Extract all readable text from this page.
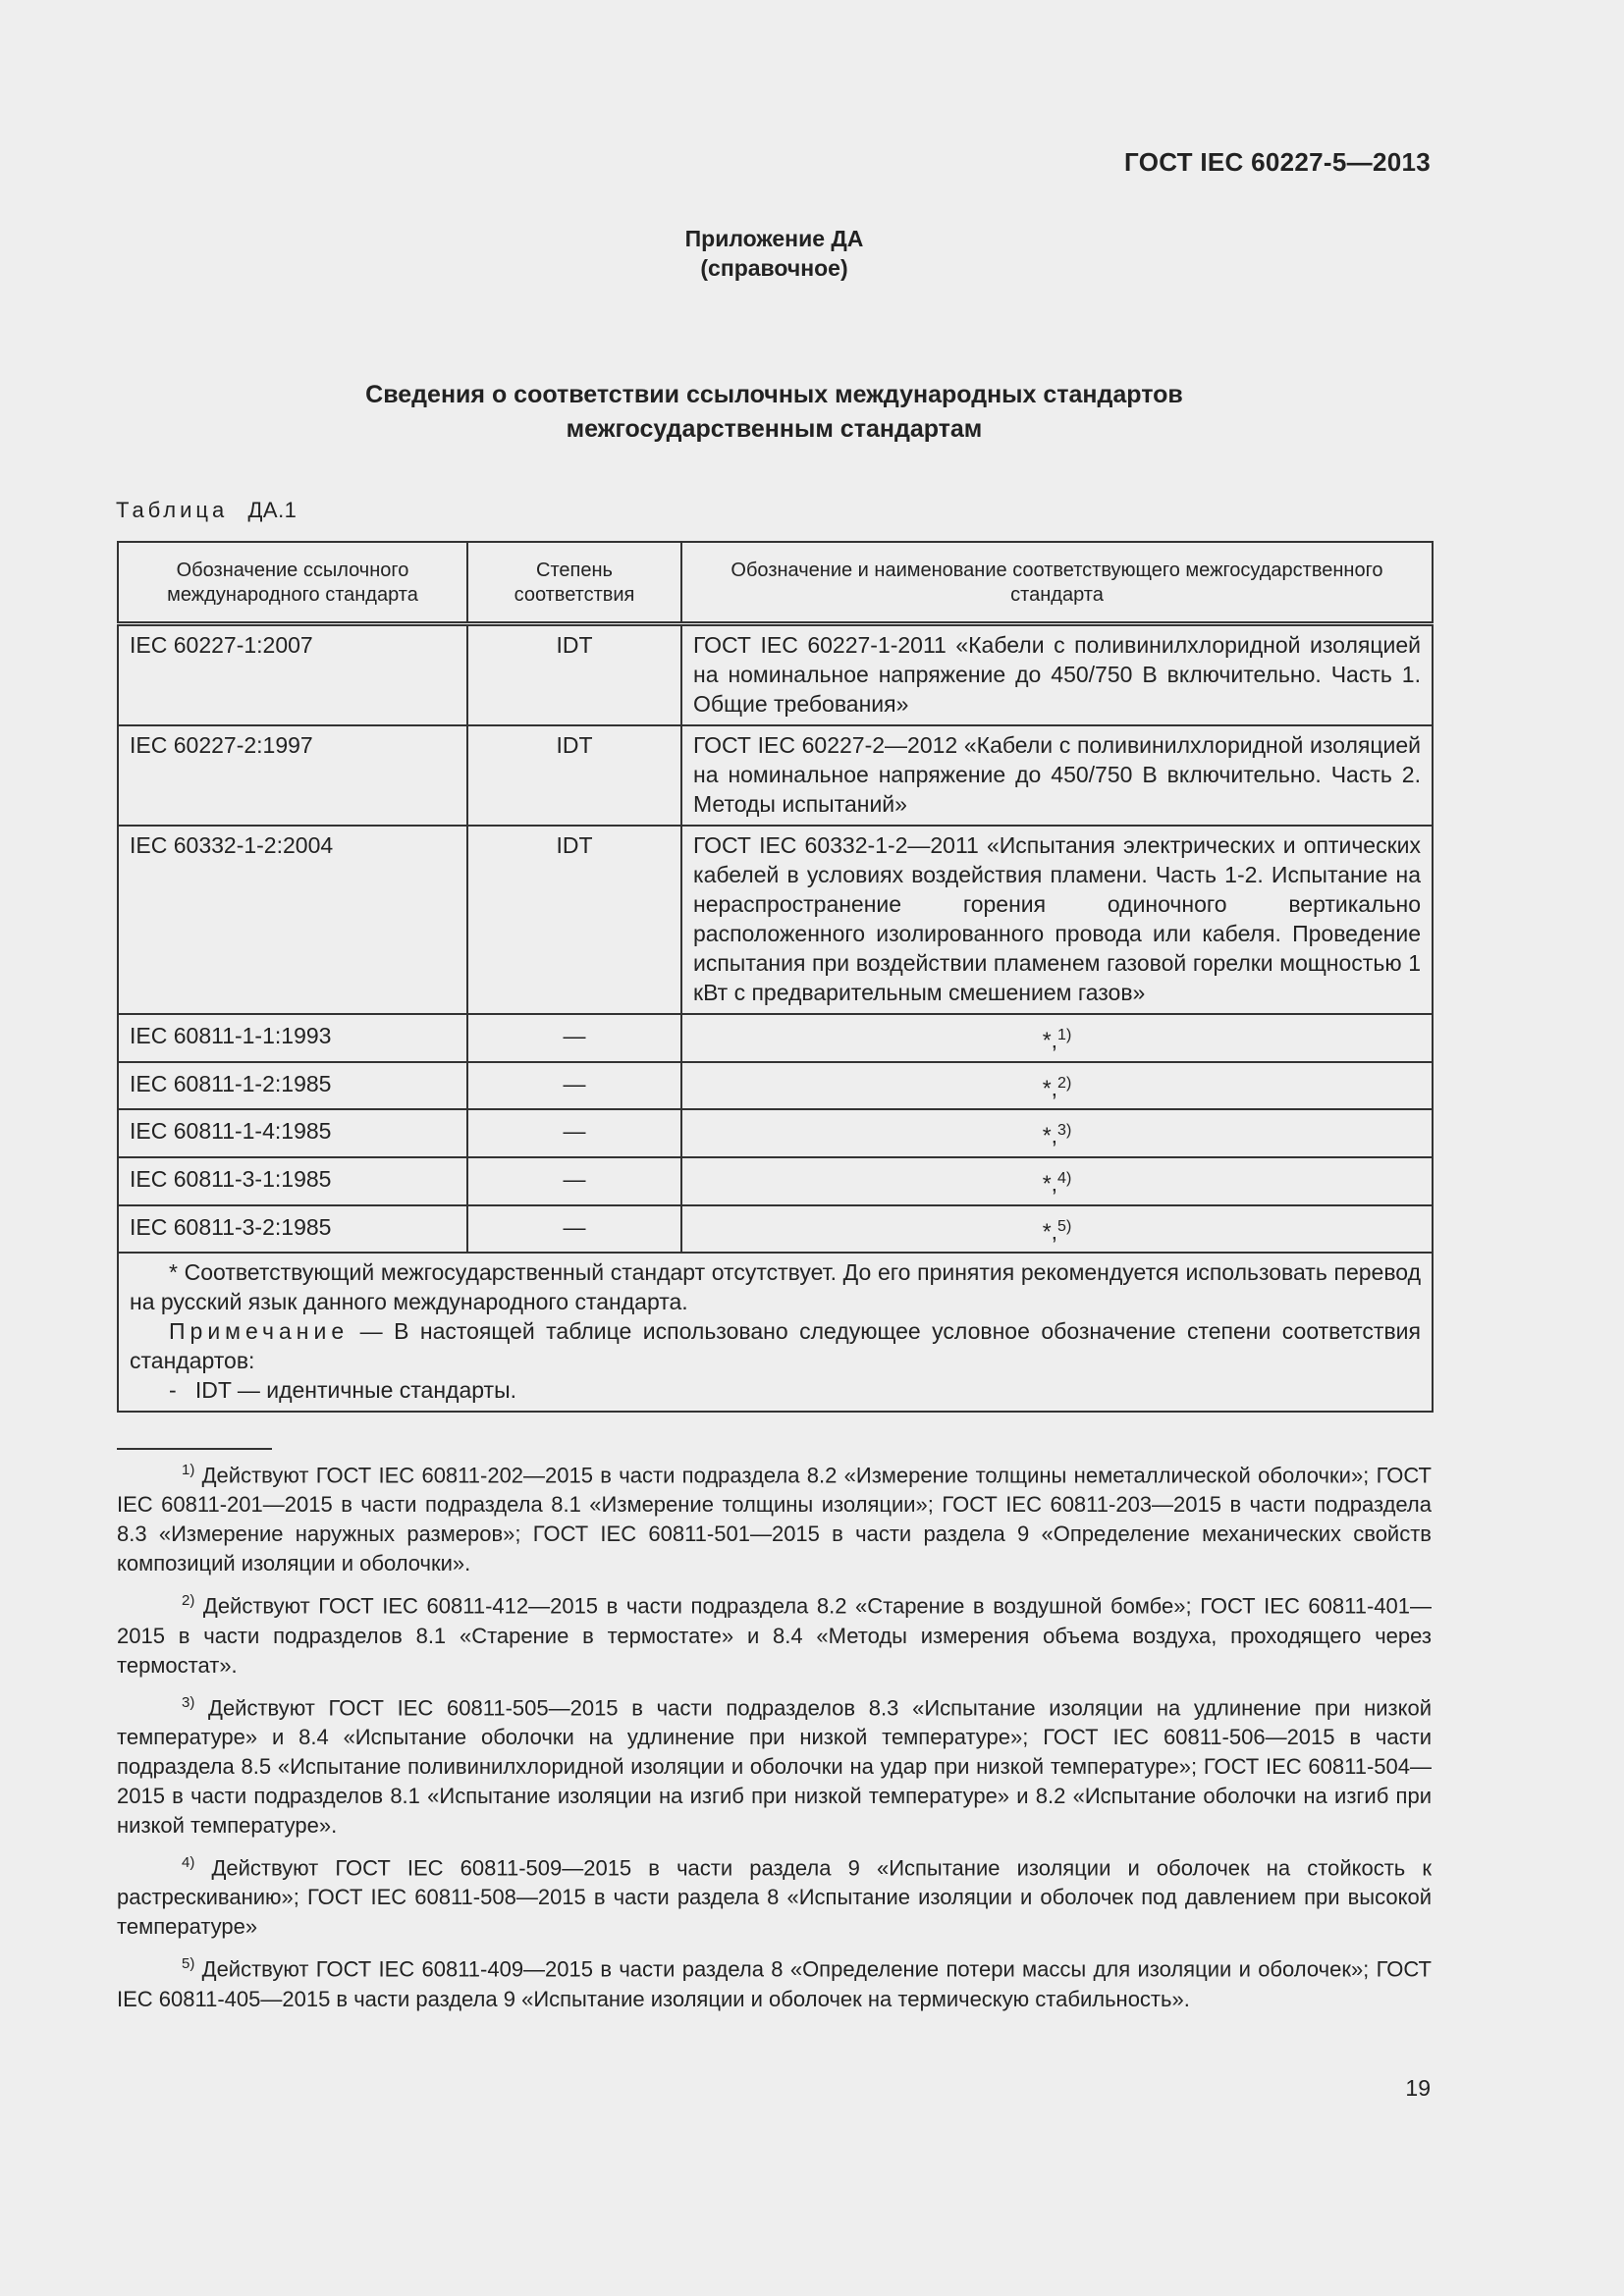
ГОСТ IEC 60227-5—2013
Приложение ДА
(справочное)
Сведения о соответствии ссылочных международных стандартов
межгосударственным стандартам
Таблица ДА.1
Обозначение ссылочного международного стандарта	Степень соответствия	Обозначение и наименование соответствующего межгосударственного стандарта
IEC 60227-1:2007	IDT	ГОСТ IEC 60227-1-2011 «Кабели с поливинилхлоридной изоляцией на номинальное напряжение до 450/750 В включительно. Часть 1. Общие требования»
IEC 60227-2:1997	IDT	ГОСТ IEC 60227-2—2012 «Кабели с поливинилхлоридной изоляцией на номинальное напряжение до 450/750 В включительно. Часть 2. Методы испытаний»
IEC 60332-1-2:2004	IDT	ГОСТ IEC 60332-1-2—2011 «Испытания электрических и оптических кабелей в условиях воздействия пламени. Часть 1-2. Испытание на нераспространение горения одиночного вертикально расположенного изолированного провода или кабеля. Проведение испытания при воздействии пламенем газовой горелки мощностью 1 кВт с предварительным смешением газов»
IEC 60811-1-1:1993	—	*,$^{1)}$
IEC 60811-1-2:1985	—	*,$^{2)}$
IEC 60811-1-4:1985	—	*,$^{3)}$
IEC 60811-3-1:1985	—	*,$^{4)}$
IEC 60811-3-2:1985	—	*,$^{5)}$

* Соответствующий межгосударственный стандарт отсутствует. До его принятия рекомендуется использовать перевод на русский язык данного международного стандарта.

Примечание — В настоящей таблице использовано следующее условное обозначение степени соответствия стандартов:

-   IDT — идентичные стандарты.		

$^{1)}$ Действуют ГОСТ IEC 60811-202—2015 в части подраздела 8.2 «Измерение толщины неметаллической оболочки»; ГОСТ IEC 60811-201—2015 в части подраздела 8.1 «Измерение толщины изоляции»; ГОСТ IEC 60811-203—2015 в части подраздела 8.3 «Измерение наружных размеров»; ГОСТ IEC 60811-501—2015 в части раздела 9 «Определение механических свойств композиций изоляции и оболочки».

$^{2)}$ Действуют ГОСТ IEC 60811-412—2015 в части подраздела 8.2 «Старение в воздушной бомбе»; ГОСТ IEC 60811-401—2015 в части подразделов 8.1 «Старение в термостате» и 8.4 «Методы измерения объема воздуха, проходящего через термостат».

$^{3)}$ Действуют ГОСТ IEC 60811-505—2015 в части подразделов 8.3 «Испытание изоляции на удлинение при низкой температуре» и 8.4 «Испытание оболочки на удлинение при низкой температуре»; ГОСТ IEC 60811-506—2015 в части подраздела 8.5 «Испытание поливинилхлоридной изоляции и оболочки на удар при низкой температуре»; ГОСТ IEC 60811-504—2015 в части подразделов 8.1 «Испытание изоляции на изгиб при низкой температуре» и 8.2 «Испытание оболочки на изгиб при низкой температуре».

$^{4)}$ Действуют ГОСТ IEC 60811-509—2015 в части раздела 9 «Испытание изоляции и оболочек на стойкость к растрескиванию»; ГОСТ IEC 60811-508—2015 в части раздела 8 «Испытание изоляции и оболочек под давлением при высокой температуре»

$^{5)}$ Действуют ГОСТ IEC 60811-409—2015 в части раздела 8 «Определение потери массы для изоляции и оболочек»; ГОСТ IEC 60811-405—2015 в части раздела 9 «Испытание изоляции и оболочек на термическую стабильность».

19
